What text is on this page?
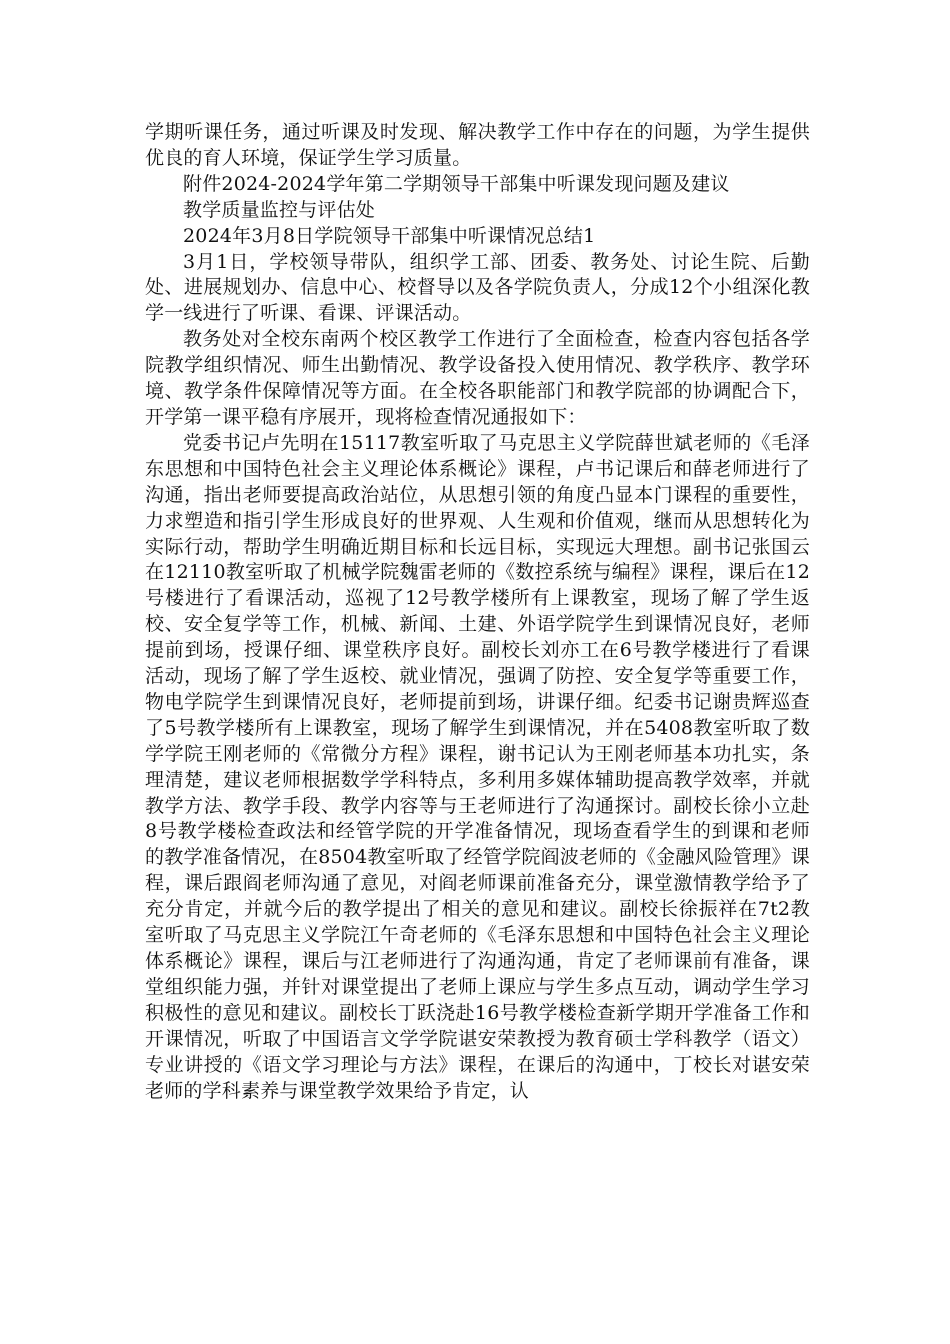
学期听课任务，通过听课及时发现、解决教学工作中存在的问题，为学生提供优良的育人环境，保证学生学习质量。

附件2024-2024学年第二学期领导干部集中听课发现问题及建议

教学质量监控与评估处

2024年3月8日学院领导干部集中听课情况总结1

3月1日，学校领导带队，组织学工部、团委、教务处、讨论生院、后勤处、进展规划办、信息中心、校督导以及各学院负责人，分成12个小组深化教学一线进行了听课、看课、评课活动。

教务处对全校东南两个校区教学工作进行了全面检查，检查内容包括各学院教学组织情况、师生出勤情况、教学设备投入使用情况、教学秩序、教学环境、教学条件保障情况等方面。在全校各职能部门和教学院部的协调配合下，开学第一课平稳有序展开，现将检查情况通报如下：

党委书记卢先明在15117教室听取了马克思主义学院薛世斌老师的《毛泽东思想和中国特色社会主义理论体系概论》课程，卢书记课后和薛老师进行了沟通，指出老师要提高政治站位，从思想引领的角度凸显本门课程的重要性，力求塑造和指引学生形成良好的世界观、人生观和价值观，继而从思想转化为实际行动，帮助学生明确近期目标和长远目标，实现远大理想。副书记张国云在12110教室听取了机械学院魏雷老师的《数控系统与编程》课程，课后在12号楼进行了看课活动，巡视了12号教学楼所有上课教室，现场了解了学生返校、安全复学等工作，机械、新闻、土建、外语学院学生到课情况良好，老师提前到场，授课仔细、课堂秩序良好。副校长刘亦工在6号教学楼进行了看课活动，现场了解了学生返校、就业情况，强调了防控、安全复学等重要工作，物电学院学生到课情况良好，老师提前到场，讲课仔细。纪委书记谢贵辉巡查了5号教学楼所有上课教室，现场了解学生到课情况，并在5408教室听取了数学学院王刚老师的《常微分方程》课程，谢书记认为王刚老师基本功扎实，条理清楚，建议老师根据数学学科特点，多利用多媒体辅助提高教学效率，并就教学方法、教学手段、教学内容等与王老师进行了沟通探讨。副校长徐小立赴8号教学楼检查政法和经管学院的开学准备情况，现场查看学生的到课和老师的教学准备情况，在8504教室听取了经管学院阎波老师的《金融风险管理》课程，课后跟阎老师沟通了意见，对阎老师课前准备充分，课堂激情教学给予了充分肯定，并就今后的教学提出了相关的意见和建议。副校长徐振祥在7t2教室听取了马克思主义学院江午奇老师的《毛泽东思想和中国特色社会主义理论体系概论》课程，课后与江老师进行了沟通沟通，肯定了老师课前有准备，课堂组织能力强，并针对课堂提出了老师上课应与学生多点互动，调动学生学习积极性的意见和建议。副校长丁跃浇赴16号教学楼检查新学期开学准备工作和开课情况，听取了中国语言文学学院谌安荣教授为教育硕士学科教学（语文）专业讲授的《语文学习理论与方法》课程，在课后的沟通中，丁校长对谌安荣老师的学科素养与课堂教学效果给予肯定，认
